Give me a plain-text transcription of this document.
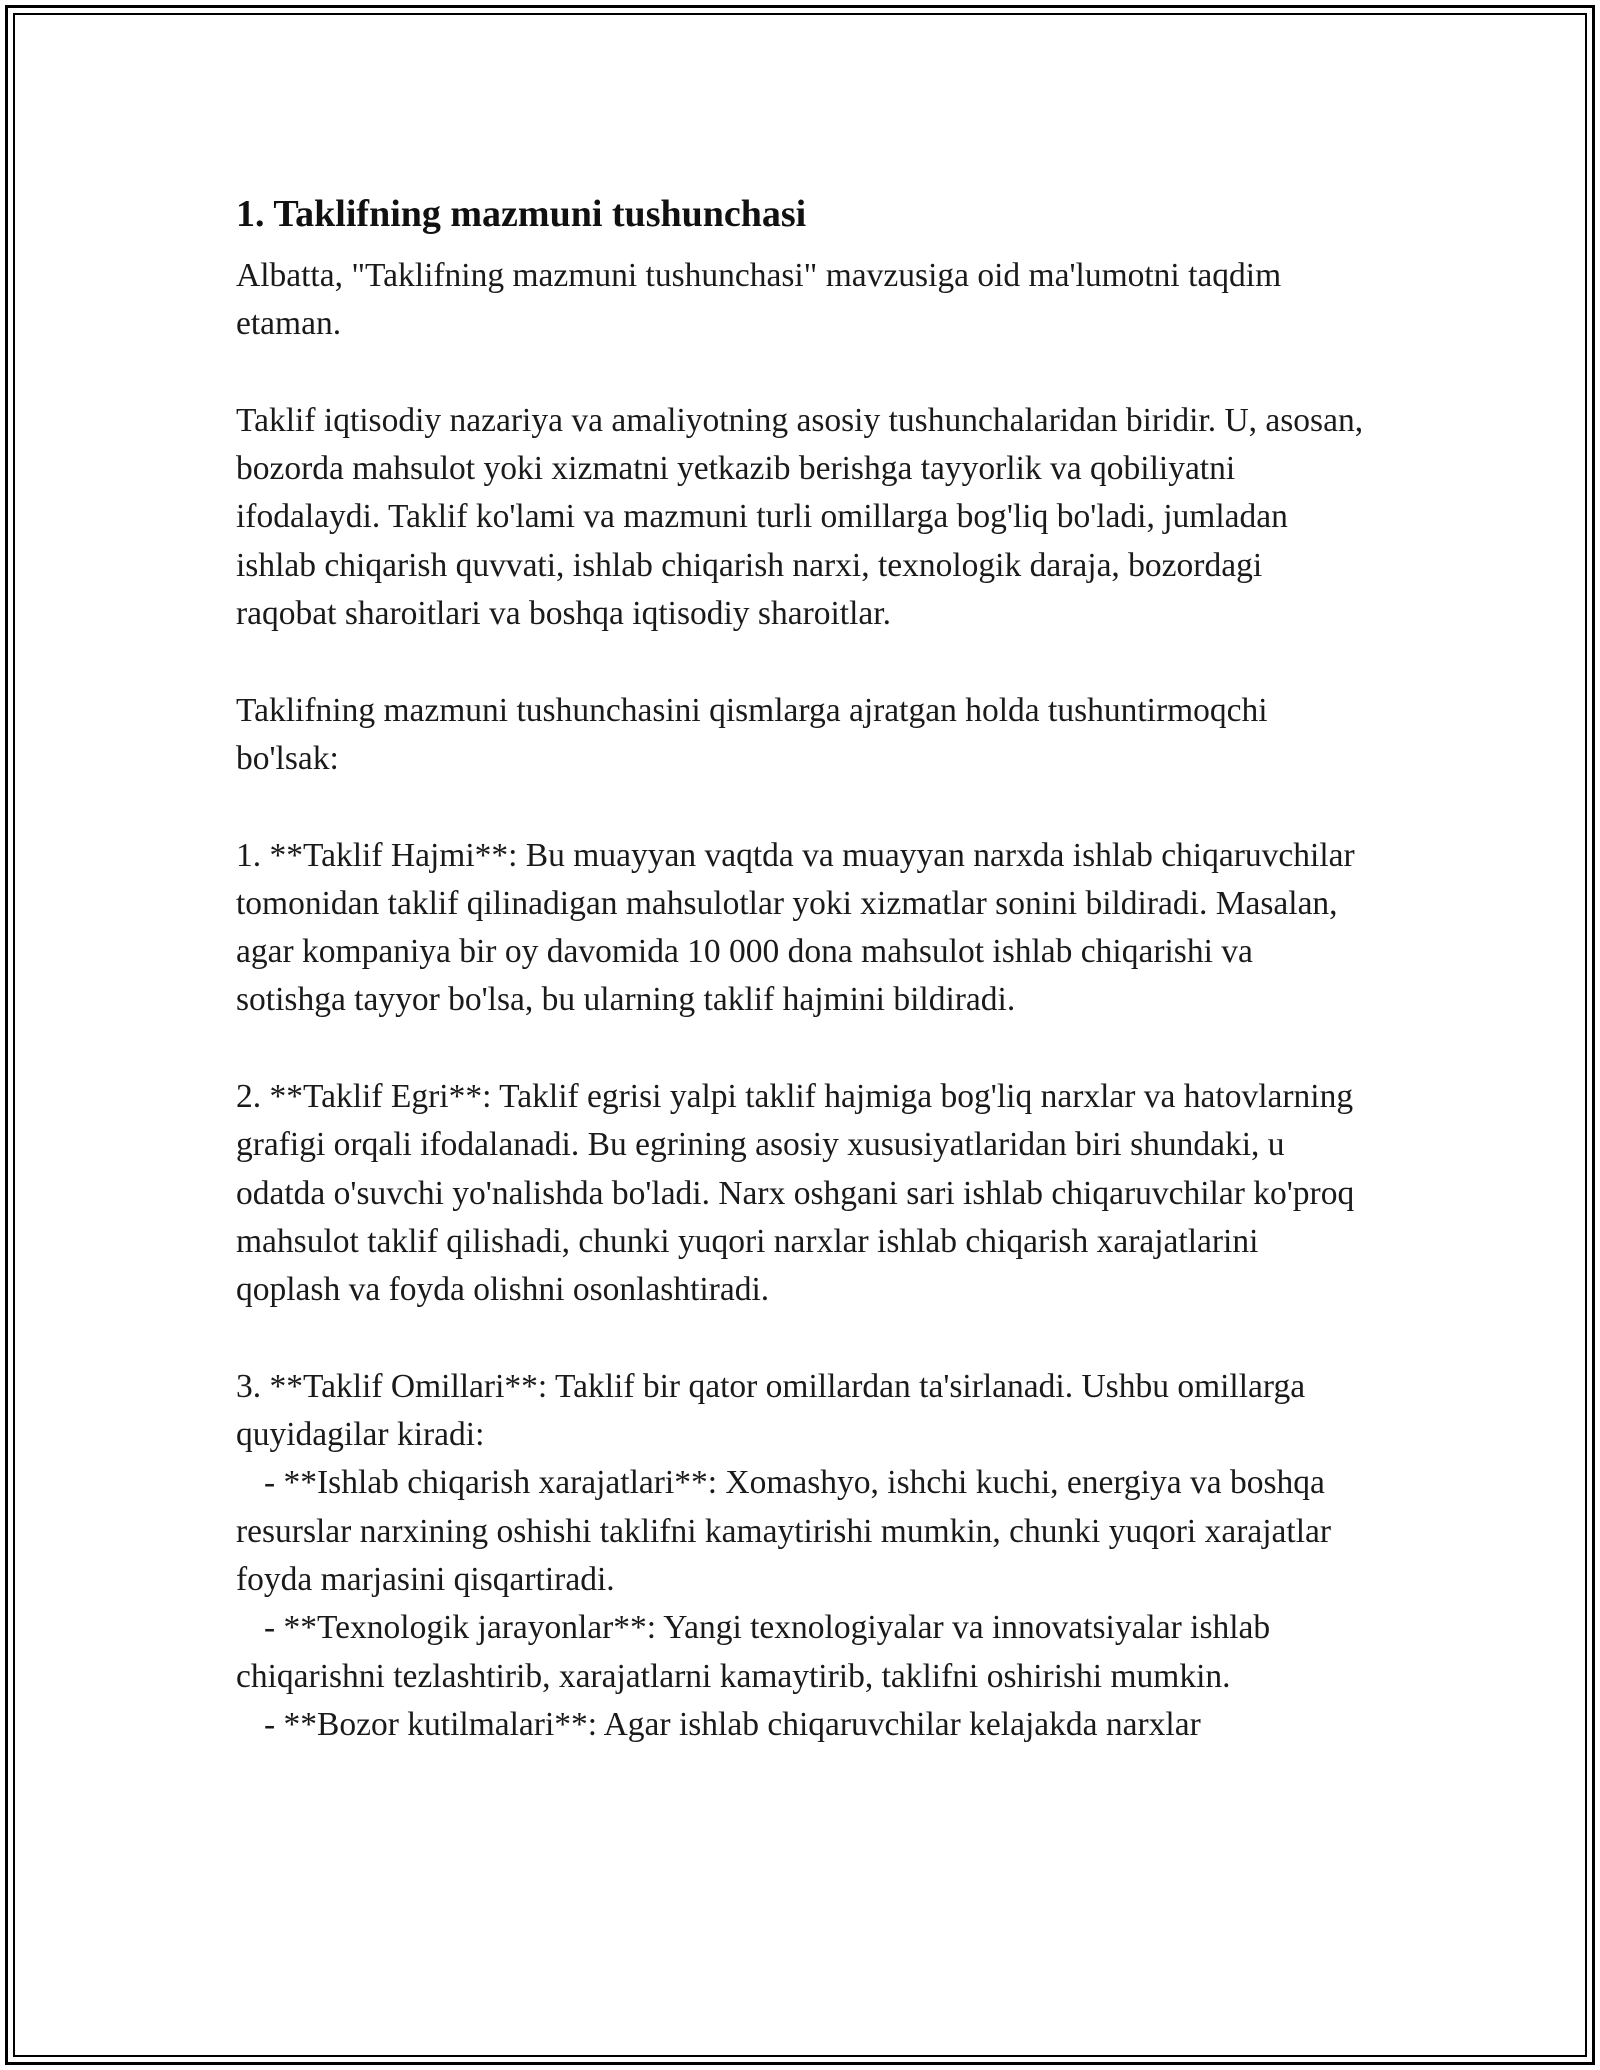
1. Taklifning mazmuni tushunchasi

Albatta, "Taklifning mazmuni tushunchasi" mavzusiga oid ma'lumotni taqdim etaman.

Taklif iqtisodiy nazariya va amaliyotning asosiy tushunchalaridan biridir. U, asosan, bozorda mahsulot yoki xizmatni yetkazib berishga tayyorlik va qobiliyatni ifodalaydi. Taklif ko'lami va mazmuni turli omillarga bog'liq bo'ladi, jumladan ishlab chiqarish quvvati, ishlab chiqarish narxi, texnologik daraja, bozordagi raqobat sharoitlari va boshqa iqtisodiy sharoitlar.

Taklifning mazmuni tushunchasini qismlarga ajratgan holda tushuntirmoqchi bo'lsak:

1. **Taklif Hajmi**: Bu muayyan vaqtda va muayyan narxda ishlab chiqaruvchilar tomonidan taklif qilinadigan mahsulotlar yoki xizmatlar sonini bildiradi. Masalan, agar kompaniya bir oy davomida 10 000 dona mahsulot ishlab chiqarishi va sotishga tayyor bo'lsa, bu ularning taklif hajmini bildiradi.

2. **Taklif Egri**: Taklif egrisi yalpi taklif hajmiga bog'liq narxlar va hatovlarning grafigi orqali ifodalanadi. Bu egrining asosiy xususiyatlaridan biri shundaki, u odatda o'suvchi yo'nalishda bo'ladi. Narx oshgani sari ishlab chiqaruvchilar ko'proq mahsulot taklif qilishadi, chunki yuqori narxlar ishlab chiqarish xarajatlarini qoplash va foyda olishni osonlashtiradi.

3. **Taklif Omillari**: Taklif bir qator omillardan ta'sirlanadi. Ushbu omillarga quyidagilar kiradi:

- **Ishlab chiqarish xarajatlari**: Xomashyo, ishchi kuchi, energiya va boshqa resurslar narxining oshishi taklifni kamaytirishi mumkin, chunki yuqori xarajatlar foyda marjasini qisqartiradi.

- **Texnologik jarayonlar**: Yangi texnologiyalar va innovatsiyalar ishlab chiqarishni tezlashtirib, xarajatlarni kamaytirib, taklifni oshirishi mumkin.

- **Bozor kutilmalari**: Agar ishlab chiqaruvchilar kelajakda narxlar
